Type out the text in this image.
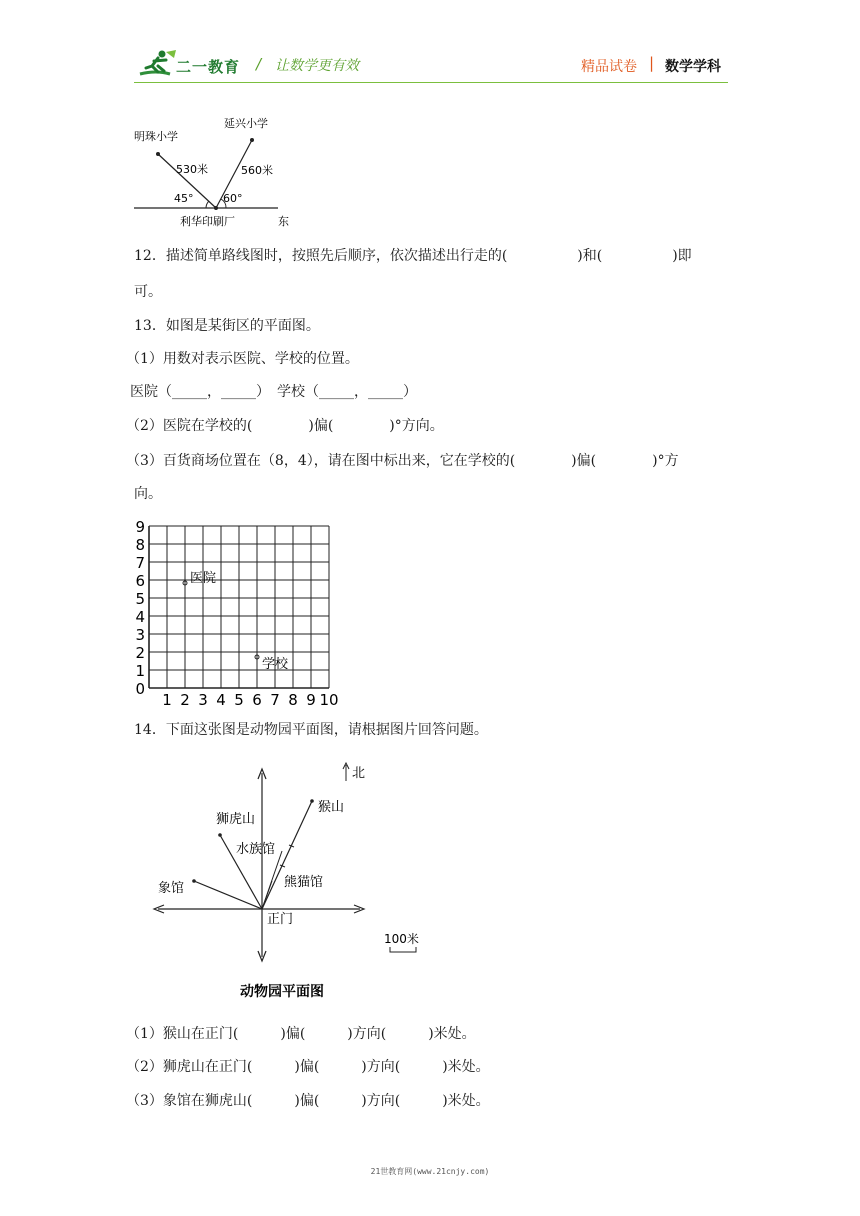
二一教育 / 让数学更有效	精品试卷 | 数学学科
明珠小学
延兴小学
530米	560米
45°	60°
利华印刷厂	东
12．描述简单路线图时，按照先后顺序，依次描述出行走的(　　　　　)和(　　　　　)即
可。
13．如图是某街区的平面图。
（1）用数对表示医院、学校的位置。
医院（_____，_____）　学校（_____，_____）
（2）医院在学校的(　　　　)偏(　　　　)°方向。
（3）百货商场位置在（8，4），请在图中标出来，它在学校的(　　　　)偏(　　　　)°方
向。
1 2 3 4 5 6 7 8 9 10
0
1
2
3
4
5
6
7
8
9
医院
学校
14．下面这张图是动物园平面图，请根据图片回答问题。
北
猴山
狮虎山
水族馆
熊猫馆
象馆
正门
100米
动物园平面图
（1）猴山在正门(　　　)偏(　　　)方向(　　　)米处。
（2）狮虎山在正门(　　　)偏(　　　)方向(　　　)米处。
（3）象馆在狮虎山(　　　)偏(　　　)方向(　　　)米处。
21世教育网(www.21cnjy.com)
